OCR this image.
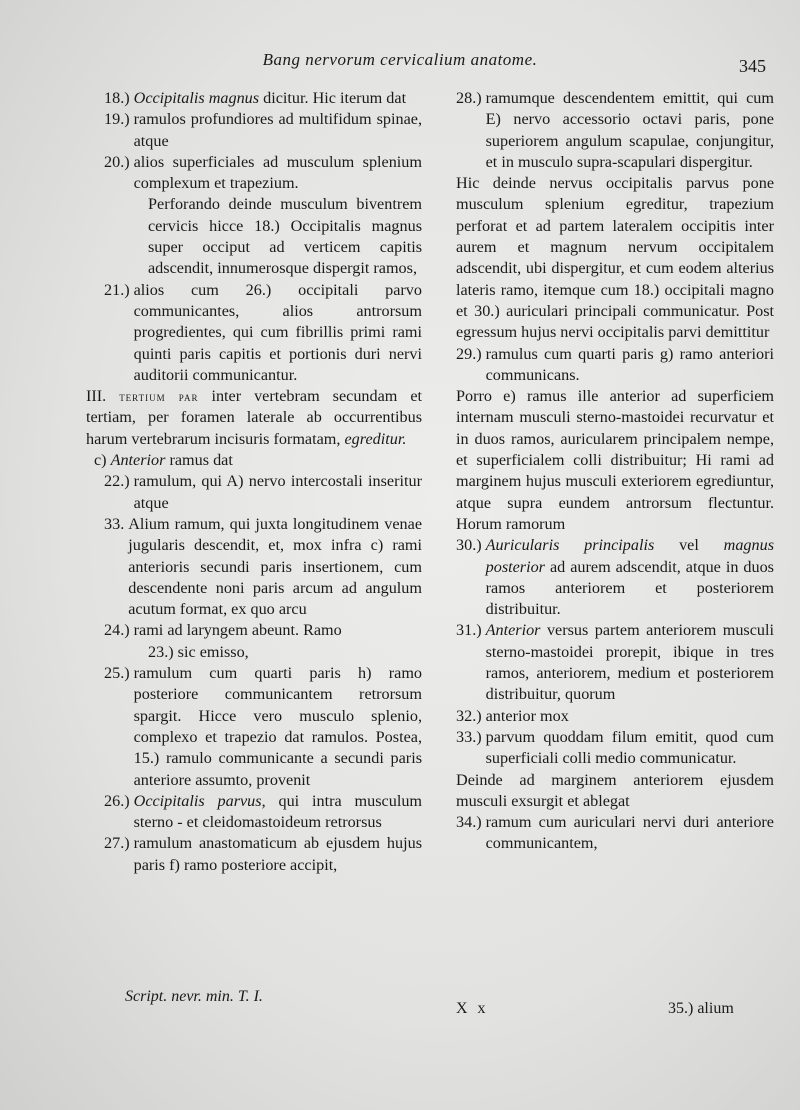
Bang nervorum cervicalium anatome.	345
18.) Occipitalis magnus dicitur. Hic iterum dat
19.) ramulos profundiores ad multifidum spinae, atque
20.) alios superficiales ad musculum splenium complexum et trapezium.
Perforando deinde musculum biventrem cervicis hicce 18.) Occipitalis magnus super occiput ad verticem capitis adscendit, innumerosque dispergit ramos,
21.) alios cum 26.) occipitali parvo communicantes, alios antrorsum progredientes, qui cum fibrillis primi rami quinti paris capitis et portionis duri nervi auditorii communicantur.
III. tertium par inter vertebram secundam et tertiam, per foramen laterale ab occurrentibus harum vertebrarum incisuris formatam, egreditur.
c) Anterior ramus dat
22.) ramulum, qui A) nervo intercostali inseritur atque
33. Alium ramum, qui juxta longitudinem venae jugularis descendit, et, mox infra c) rami anterioris secundi paris insertionem, cum descendente noni paris arcum ad angulum acutum format, ex quo arcu
24.) rami ad laryngem abeunt. Ramo
23.) sic emisso,
25.) ramulum cum quarti paris h) ramo posteriore communicantem retrorsum spargit. Hicce vero musculo splenio, complexo et trapezio dat ramulos. Postea, 15.) ramulo communicante a secundi paris anteriore assumto, provenit
26.) Occipitalis parvus, qui intra musculum sterno - et cleidomastoideum retrorsus
27.) ramulum anastomaticum ab ejusdem hujus paris f) ramo posteriore accipit,
28.) ramumque descendentem emittit, qui cum E) nervo accessorio octavi paris, pone superiorem angulum scapulae, conjungitur, et in musculo supra-scapulari dispergitur.
Hic deinde nervus occipitalis parvus pone musculum splenium egreditur, trapezium perforat et ad partem lateralem occipitis inter aurem et magnum nervum occipitalem adscendit, ubi dispergitur, et cum eodem alterius lateris ramo, itemque cum 18.) occipitali magno et 30.) auriculari principali communicatur. Post egressum hujus nervi occipitalis parvi demittitur
29.) ramulus cum quarti paris g) ramo anteriori communicans.
Porro e) ramus ille anterior ad superficiem internam musculi sterno-mastoidei recurvatur et in duos ramos, auricularem principalem nempe, et superficialem colli distribuitur; Hi rami ad marginem hujus musculi exteriorem egrediuntur, atque supra eundem antrorsum flectuntur. Horum ramorum
30.) Auricularis principalis vel magnus posterior ad aurem adscendit, atque in duos ramos anteriorem et posteriorem distribuitur.
31.) Anterior versus partem anteriorem musculi sterno-mastoidei prorepit, ibique in tres ramos, anteriorem, medium et posteriorem distribuitur, quorum
32.) anterior mox
33.) parvum quoddam filum emitit, quod cum superficiali colli medio communicatur.
Deinde ad marginem anteriorem ejusdem musculi exsurgit et ablegat
34.) ramum cum auriculari nervi duri anteriore communicantem,
Script. nevr. min. T. I.
X x	35.) alium
